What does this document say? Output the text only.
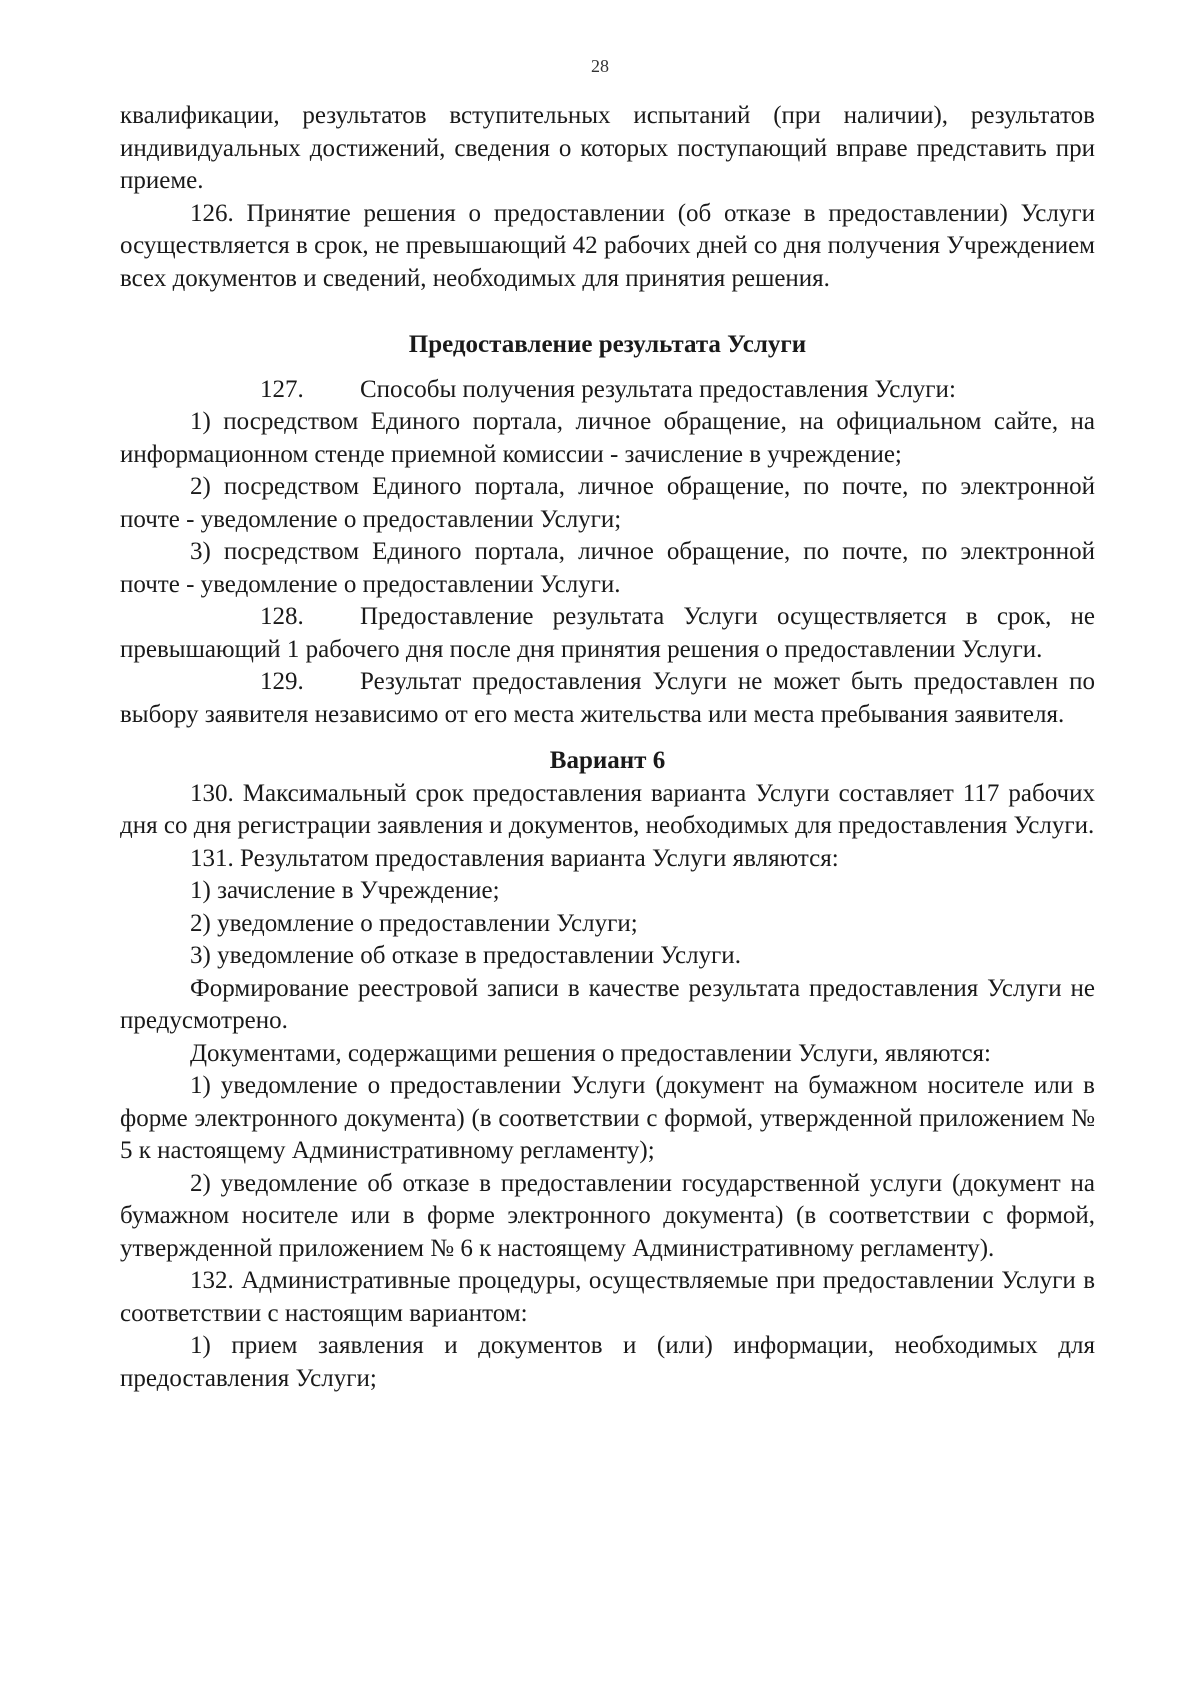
28

квалификации, результатов вступительных испытаний (при наличии), результатов индивидуальных достижений, сведения о которых поступающий вправе представить при приеме.

126. Принятие решения о предоставлении (об отказе в предоставлении) Услуги осуществляется в срок, не превышающий 42 рабочих дней со дня получения Учреждением всех документов и сведений, необходимых для принятия решения.

Предоставление результата Услуги

127. Способы получения результата предоставления Услуги:

1) посредством Единого портала, личное обращение, на официальном сайте, на информационном стенде приемной комиссии - зачисление в учреждение;

2) посредством Единого портала, личное обращение, по почте, по электронной почте - уведомление о предоставлении Услуги;

3) посредством Единого портала, личное обращение, по почте, по электронной почте - уведомление о предоставлении Услуги.

128. Предоставление результата Услуги осуществляется в срок, не превышающий 1 рабочего дня после дня принятия решения о предоставлении Услуги.

129. Результат предоставления Услуги не может быть предоставлен по выбору заявителя независимо от его места жительства или места пребывания заявителя.

Вариант 6

130. Максимальный срок предоставления варианта Услуги составляет 117 рабочих дня со дня регистрации заявления и документов, необходимых для предоставления Услуги.

131. Результатом предоставления варианта Услуги являются:

1) зачисление в Учреждение;

2) уведомление о предоставлении Услуги;

3) уведомление об отказе в предоставлении Услуги.

Формирование реестровой записи в качестве результата предоставления Услуги не предусмотрено.

Документами, содержащими решения о предоставлении Услуги, являются:

1) уведомление о предоставлении Услуги (документ на бумажном носителе или в форме электронного документа) (в соответствии с формой, утвержденной приложением № 5 к настоящему Административному регламенту);

2) уведомление об отказе в предоставлении государственной услуги (документ на бумажном носителе или в форме электронного документа) (в соответствии с формой, утвержденной приложением № 6 к настоящему Административному регламенту).

132. Административные процедуры, осуществляемые при предоставлении Услуги в соответствии с настоящим вариантом:

1) прием заявления и документов и (или) информации, необходимых для предоставления Услуги;
